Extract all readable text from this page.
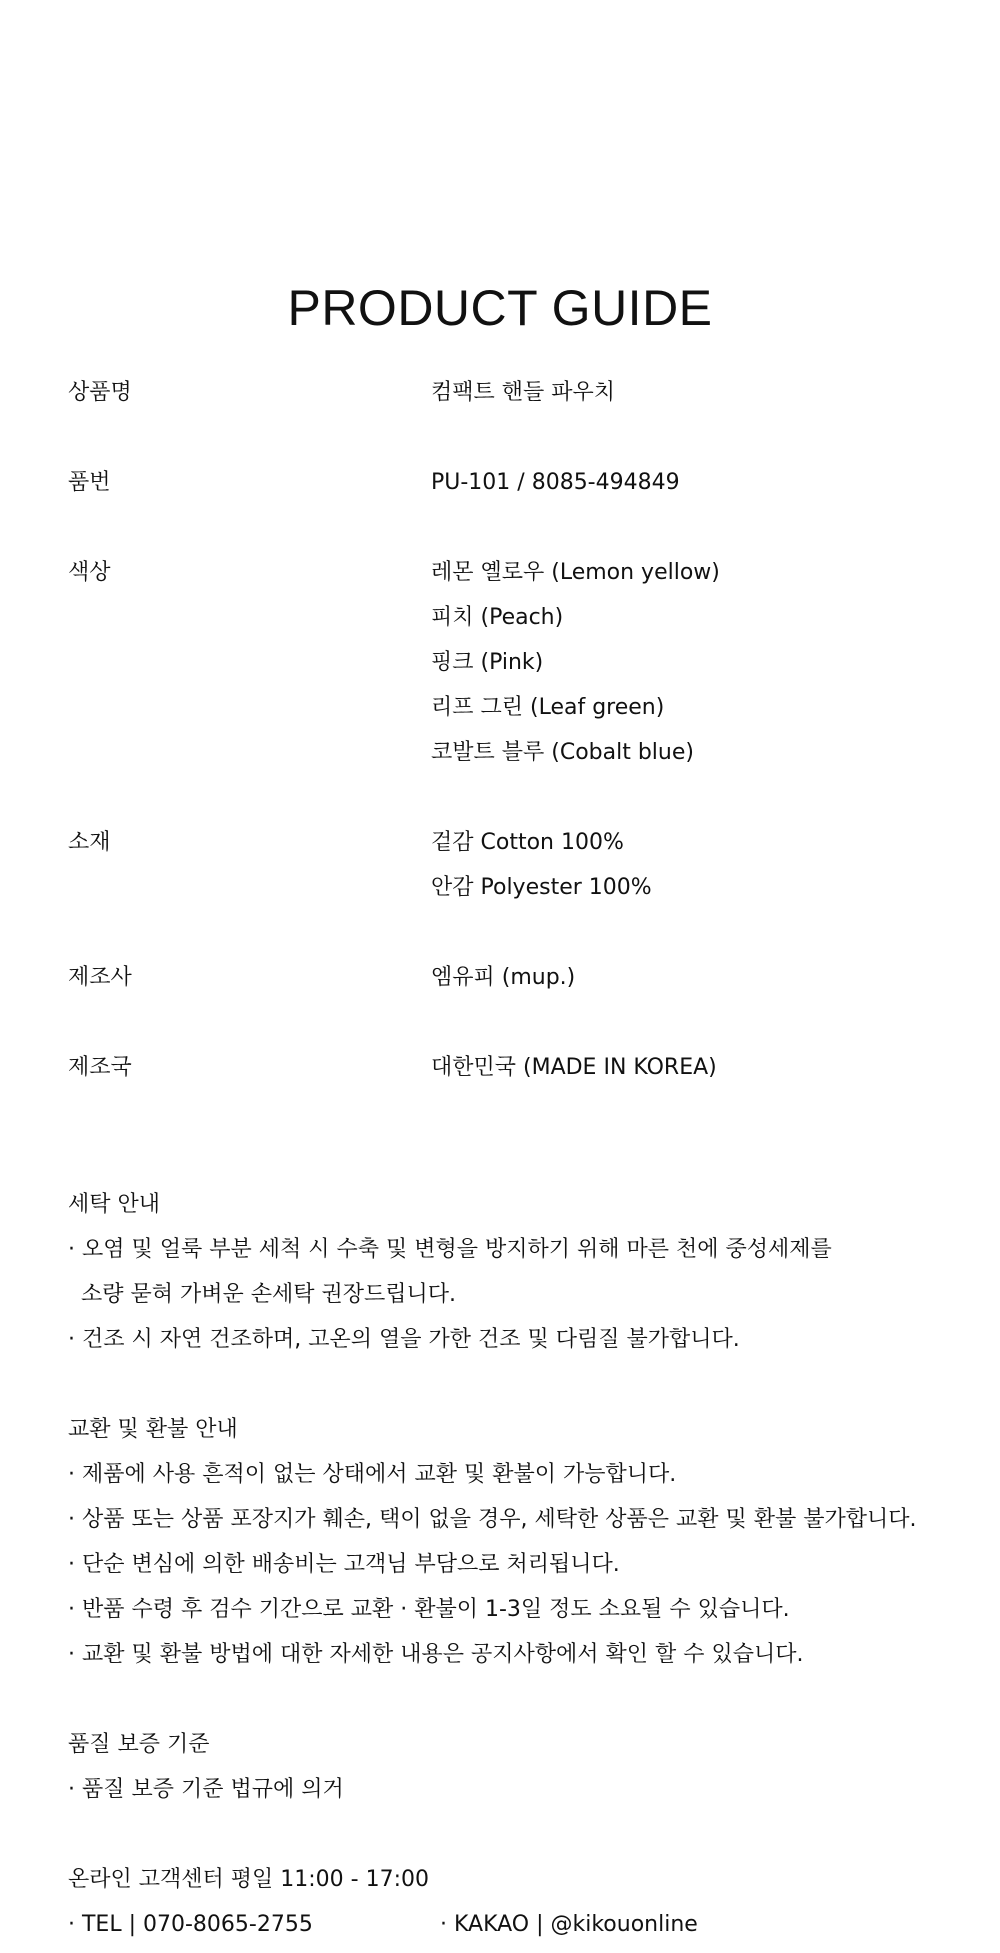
PRODUCT GUIDE
상품명	컴팩트 핸들 파우치
품번	PU-101 / 8085-494849
색상	레몬 옐로우 (Lemon yellow)
피치 (Peach)
핑크 (Pink)
리프 그린 (Leaf green)
코발트 블루 (Cobalt blue)
소재	겉감 Cotton 100%
안감 Polyester 100%
제조사	엠유피 (mup.)
제조국	대한민국 (MADE IN KOREA)
세탁 안내
· 오염 및 얼룩 부분 세척 시 수축 및 변형을 방지하기 위해 마른 천에 중성세제를
소량 묻혀 가벼운 손세탁 권장드립니다.
· 건조 시 자연 건조하며, 고온의 열을 가한 건조 및 다림질 불가합니다.
교환 및 환불 안내
· 제품에 사용 흔적이 없는 상태에서 교환 및 환불이 가능합니다.
· 상품 또는 상품 포장지가 훼손, 택이 없을 경우, 세탁한 상품은 교환 및 환불 불가합니다.
· 단순 변심에 의한 배송비는 고객님 부담으로 처리됩니다.
· 반품 수령 후 검수 기간으로 교환 · 환불이 1-3일 정도 소요될 수 있습니다.
· 교환 및 환불 방법에 대한 자세한 내용은 공지사항에서 확인 할 수 있습니다.
품질 보증 기준
· 품질 보증 기준 법규에 의거
온라인 고객센터 평일 11:00 - 17:00
· TEL | 070-8065-2755	· KAKAO | @kikouonline
